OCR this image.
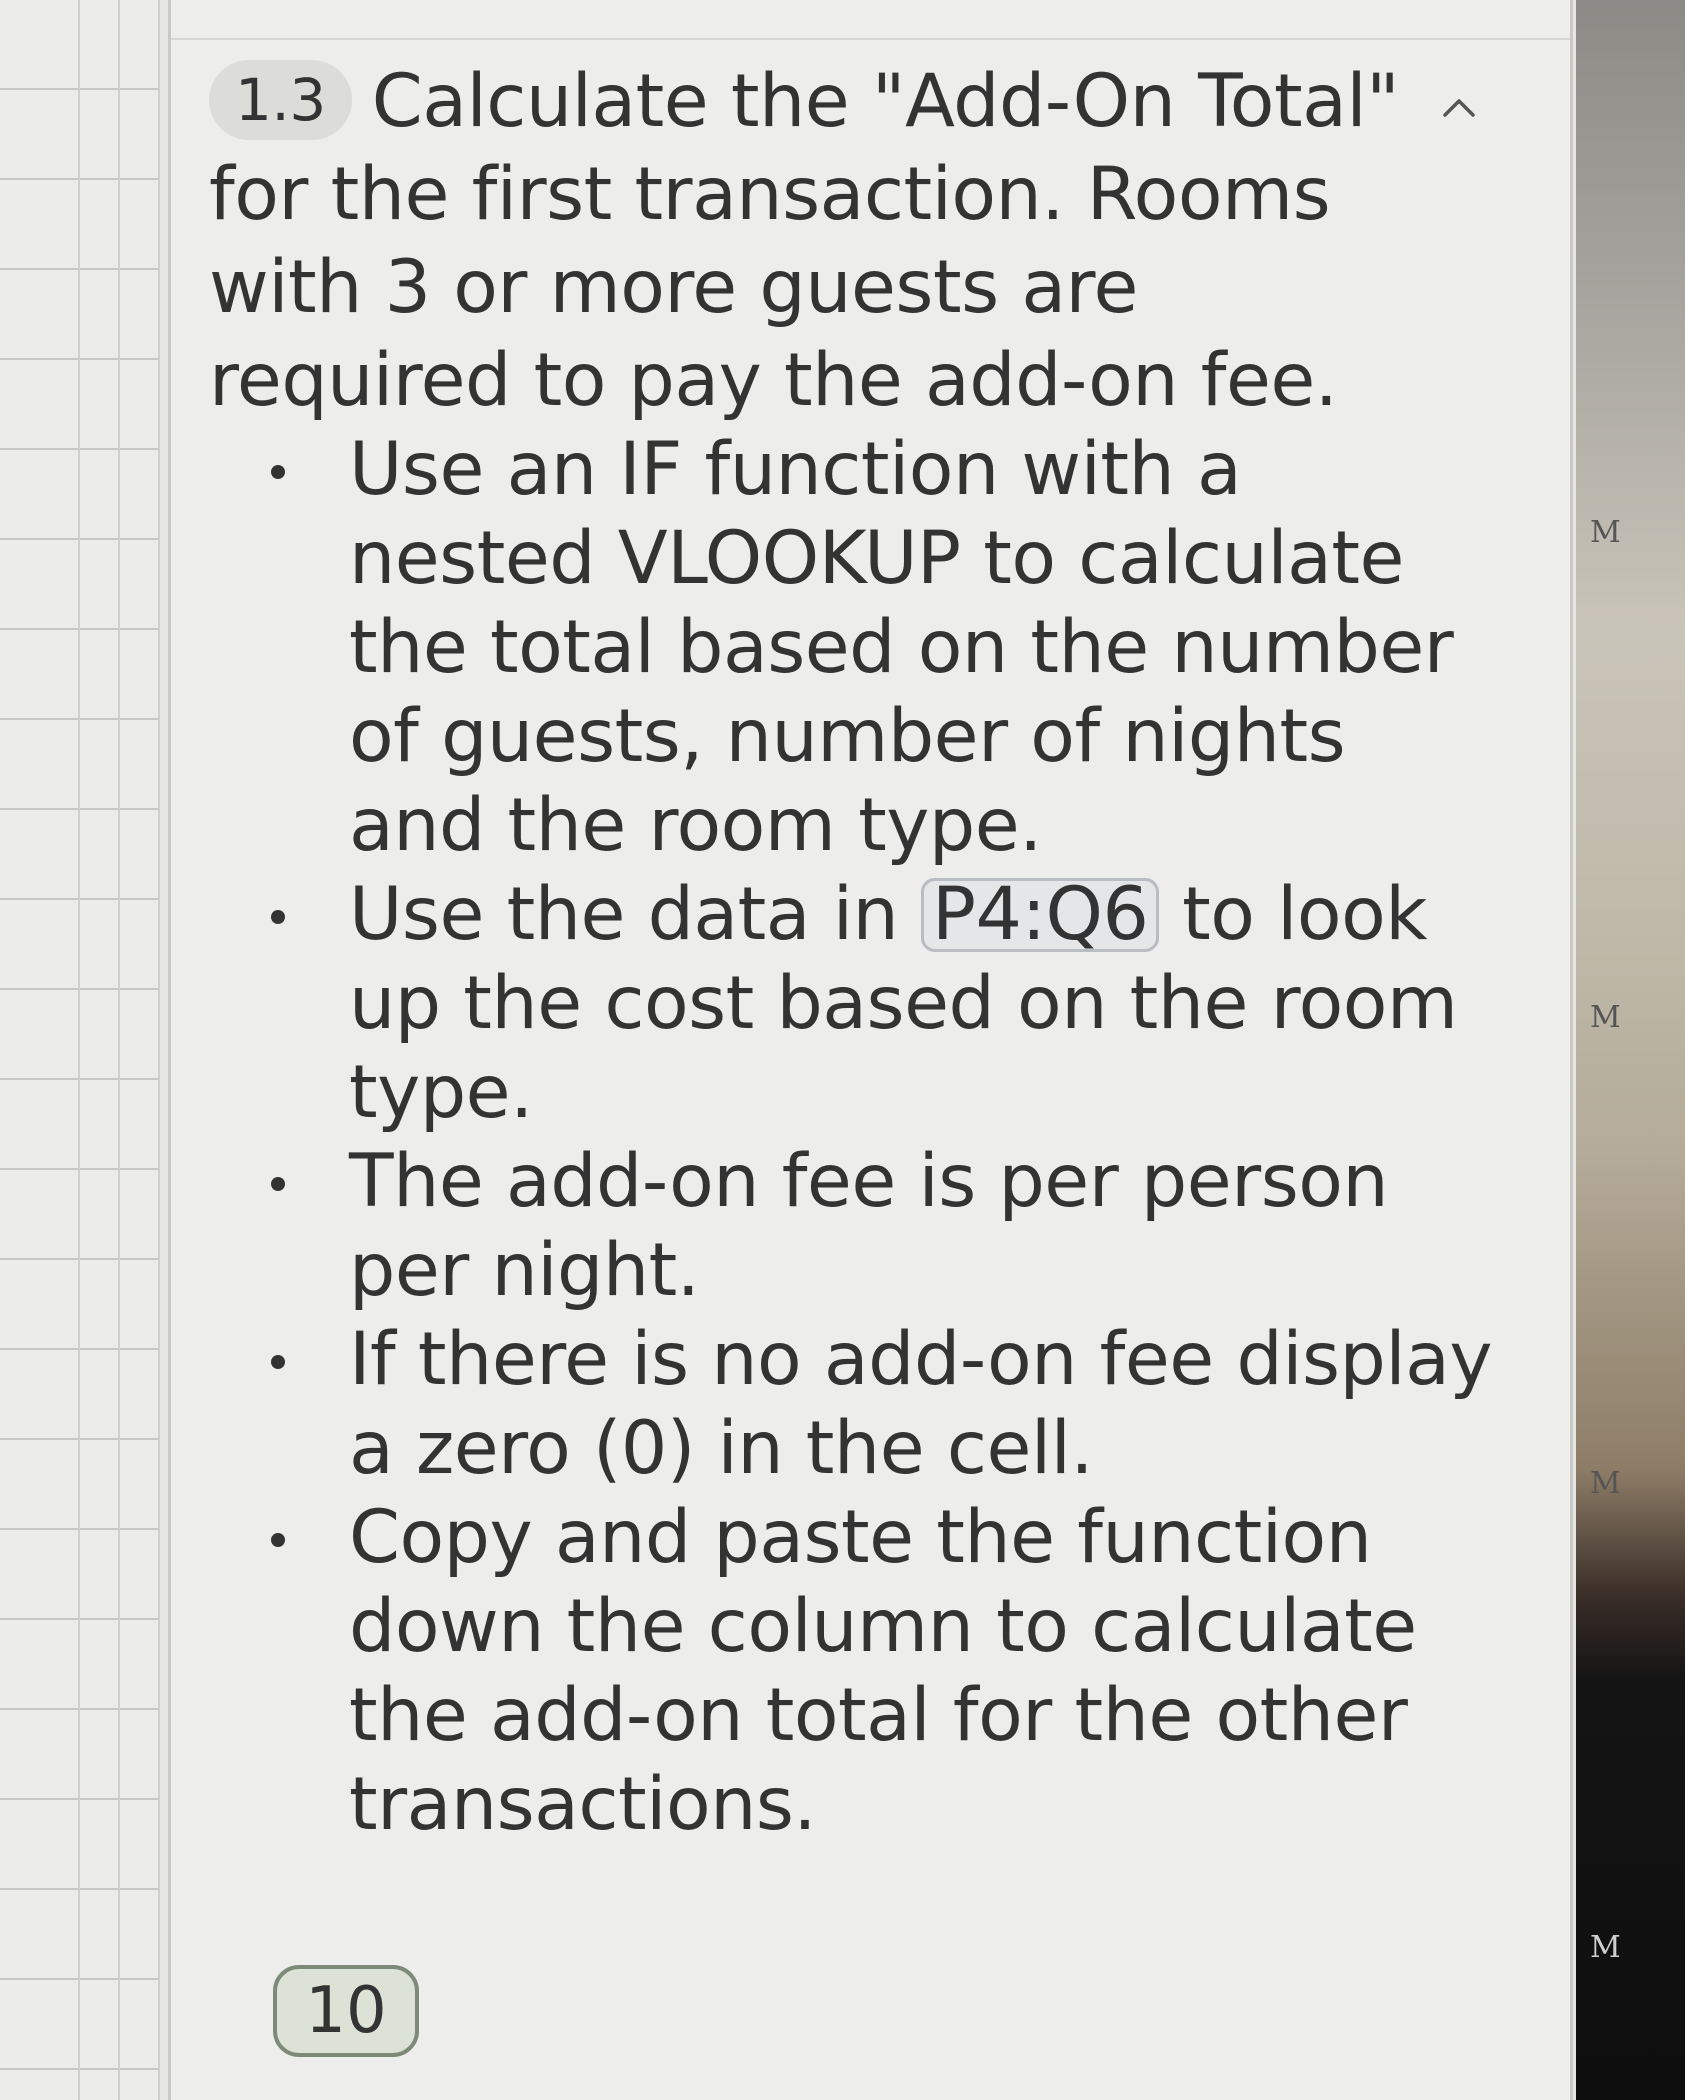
1.3 Calculate the "Add-On Total" for the first transaction. Rooms with 3 or more guests are required to pay the add-on fee.
Use an IF function with a nested VLOOKUP to calculate the total based on the number of guests, number of nights and the room type.
Use the data in P4:Q6 to look up the cost based on the room type.
The add-on fee is per person per night.
If there is no add-on fee display a zero (0) in the cell.
Copy and paste the function down the column to calculate the add-on total for the other transactions.
10
M
M
M
M
